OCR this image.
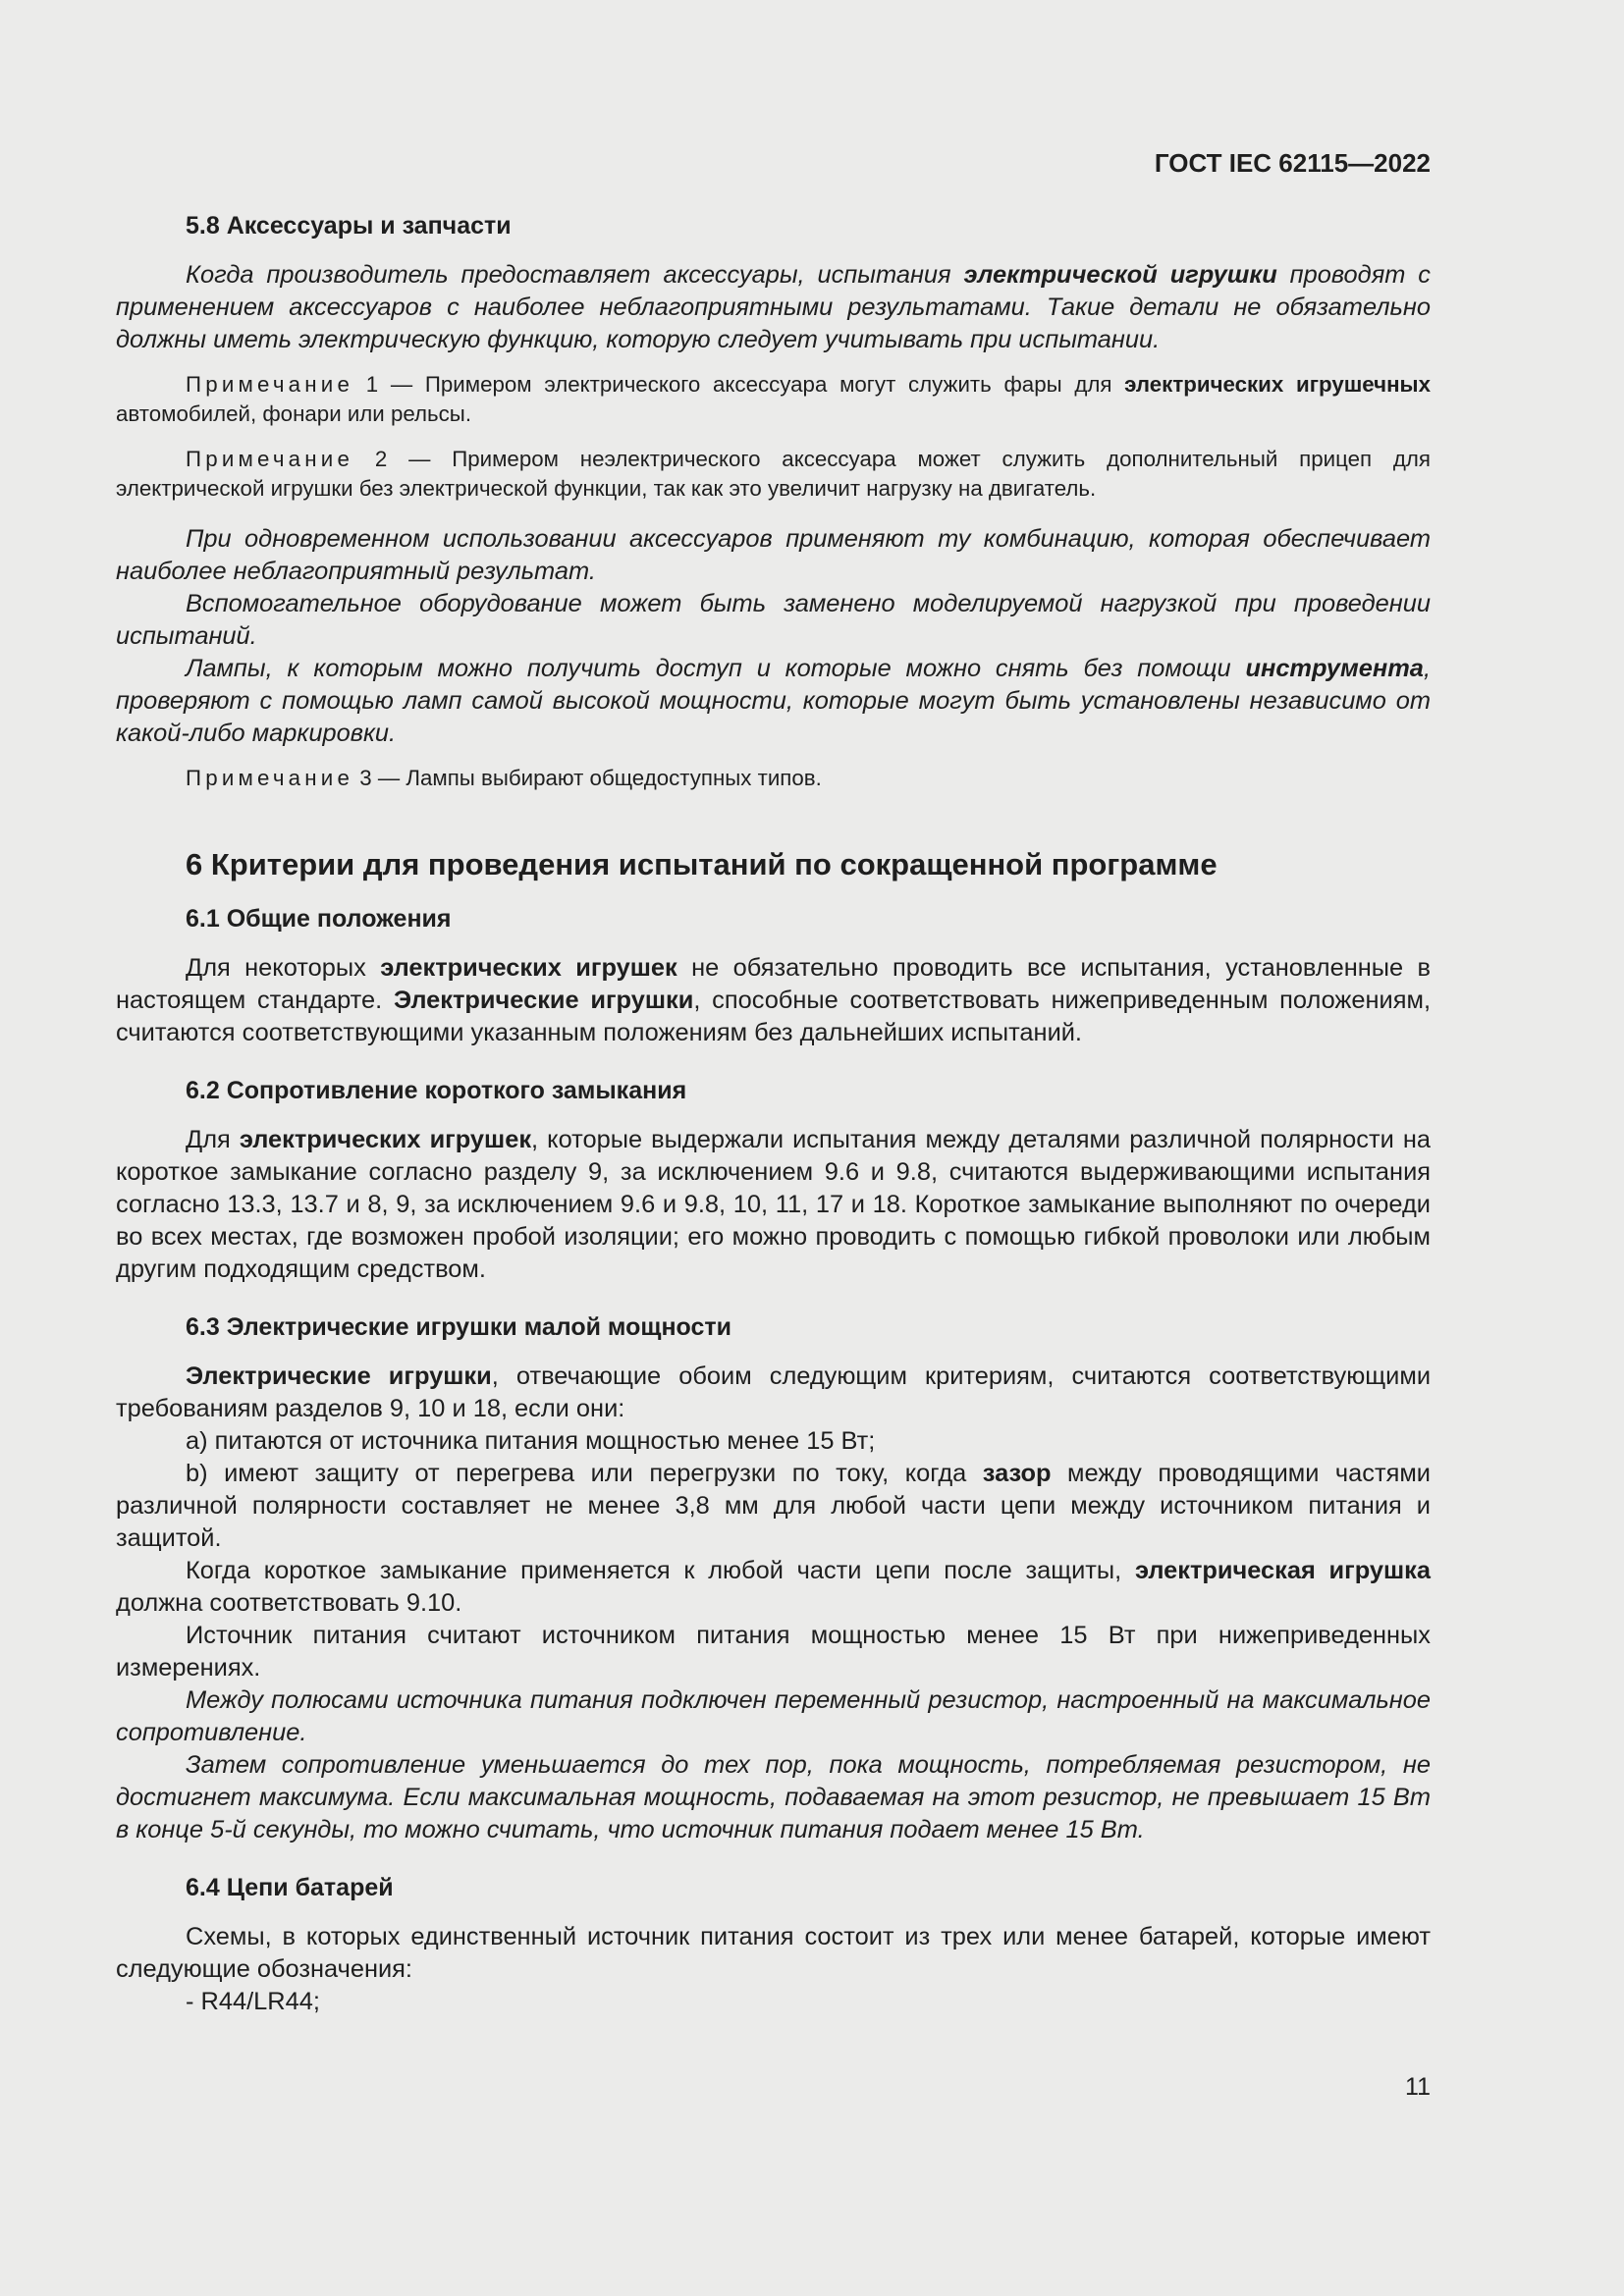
ГОСТ IEC 62115—2022
5.8 Аксессуары и запчасти

Когда производитель предоставляет аксессуары, испытания электрической игрушки проводят с применением аксессуаров с наиболее неблагоприятными результатами. Такие детали не обязательно должны иметь электрическую функцию, которую следует учитывать при испытании.

Примечание 1 — Примером электрического аксессуара могут служить фары для электрических игрушечных автомобилей, фонари или рельсы.

Примечание 2 — Примером неэлектрического аксессуара может служить дополнительный прицеп для электрической игрушки без электрической функции, так как это увеличит нагрузку на двигатель.

При одновременном использовании аксессуаров применяют ту комбинацию, которая обеспечивает наиболее неблагоприятный результат.

Вспомогательное оборудование может быть заменено моделируемой нагрузкой при проведении испытаний.

Лампы, к которым можно получить доступ и которые можно снять без помощи инструмента, проверяют с помощью ламп самой высокой мощности, которые могут быть установлены независимо от какой-либо маркировки.

Примечание 3 — Лампы выбирают общедоступных типов.

6 Критерии для проведения испытаний по сокращенной программе
6.1 Общие положения

Для некоторых электрических игрушек не обязательно проводить все испытания, установленные в настоящем стандарте. Электрические игрушки, способные соответствовать нижеприведенным положениям, считаются соответствующими указанным положениям без дальнейших испытаний.

6.2 Сопротивление короткого замыкания

Для электрических игрушек, которые выдержали испытания между деталями различной полярности на короткое замыкание согласно разделу 9, за исключением 9.6 и 9.8, считаются выдерживающими испытания согласно 13.3, 13.7 и 8, 9, за исключением 9.6 и 9.8, 10, 11, 17 и 18. Короткое замыкание выполняют по очереди во всех местах, где возможен пробой изоляции; его можно проводить с помощью гибкой проволоки или любым другим подходящим средством.

6.3 Электрические игрушки малой мощности

Электрические игрушки, отвечающие обоим следующим критериям, считаются соответствующими требованиям разделов 9, 10 и 18, если они:

a) питаются от источника питания мощностью менее 15 Вт;

b) имеют защиту от перегрева или перегрузки по току, когда зазор между проводящими частями различной полярности составляет не менее 3,8 мм для любой части цепи между источником питания и защитой.

Когда короткое замыкание применяется к любой части цепи после защиты, электрическая игрушка должна соответствовать 9.10.

Источник питания считают источником питания мощностью менее 15 Вт при нижеприведенных измерениях.

Между полюсами источника питания подключен переменный резистор, настроенный на максимальное сопротивление.

Затем сопротивление уменьшается до тех пор, пока мощность, потребляемая резистором, не достигнет максимума. Если максимальная мощность, подаваемая на этот резистор, не превышает 15 Вт в конце 5-й секунды, то можно считать, что источник питания подает менее 15 Вт.

6.4 Цепи батарей

Схемы, в которых единственный источник питания состоит из трех или менее батарей, которые имеют следующие обозначения:

- R44/LR44;

11
